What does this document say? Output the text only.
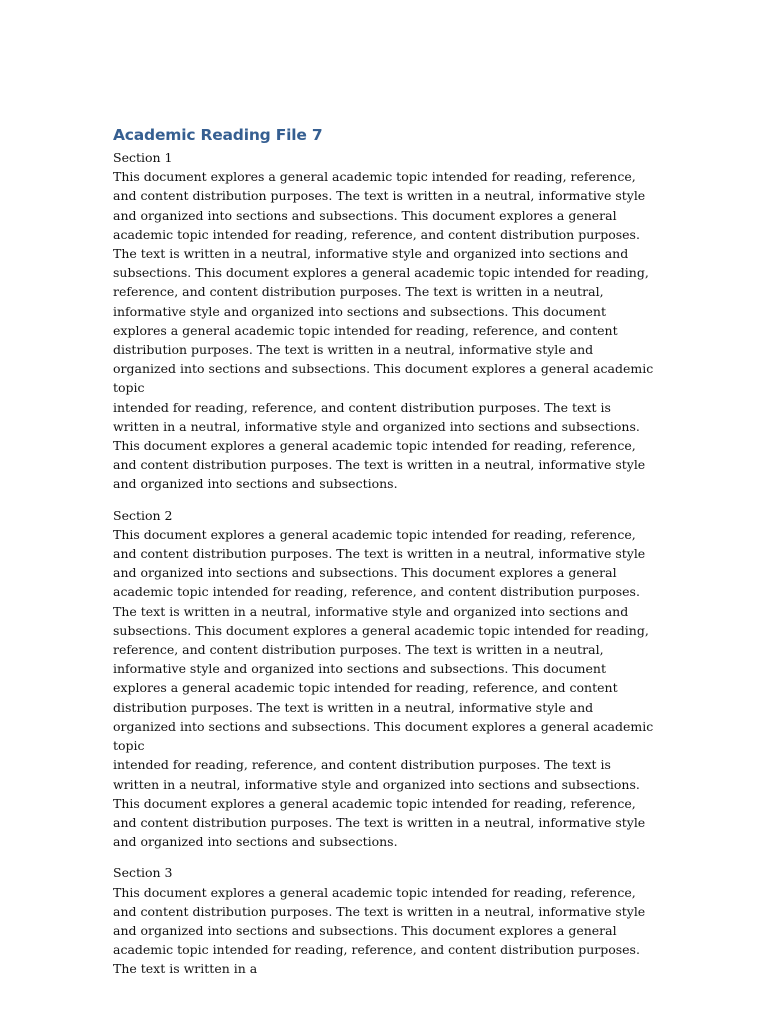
Academic Reading File 7

Section 1

This document explores a general academic topic intended for reading, reference, and content distribution purposes. The text is written in a neutral, informative style and organized into sections and subsections. This document explores a general academic topic intended for reading, reference, and content distribution purposes. The text is written in a neutral, informative style and organized into sections and subsections. This document explores a general academic topic intended for reading, reference, and content distribution purposes. The text is written in a neutral, informative style and organized into sections and subsections. This document explores a general academic topic intended for reading, reference, and content distribution purposes. The text is written in a neutral, informative style and organized into sections and subsections. This document explores a general academic topic

intended for reading, reference, and content distribution purposes. The text is written in a neutral, informative style and organized into sections and subsections. This document explores a general academic topic intended for reading, reference, and content distribution purposes. The text is written in a neutral, informative style and organized into sections and subsections.

Section 2

This document explores a general academic topic intended for reading, reference, and content distribution purposes. The text is written in a neutral, informative style and organized into sections and subsections. This document explores a general academic topic intended for reading, reference, and content distribution purposes. The text is written in a neutral, informative style and organized into sections and subsections. This document explores a general academic topic intended for reading, reference, and content distribution purposes. The text is written in a neutral, informative style and organized into sections and subsections. This document explores a general academic topic intended for reading, reference, and content distribution purposes. The text is written in a neutral, informative style and organized into sections and subsections. This document explores a general academic topic

intended for reading, reference, and content distribution purposes. The text is written in a neutral, informative style and organized into sections and subsections. This document explores a general academic topic intended for reading, reference, and content distribution purposes. The text is written in a neutral, informative style and organized into sections and subsections.

Section 3

This document explores a general academic topic intended for reading, reference, and content distribution purposes. The text is written in a neutral, informative style and organized into sections and subsections. This document explores a general academic topic intended for reading, reference, and content distribution purposes. The text is written in a
